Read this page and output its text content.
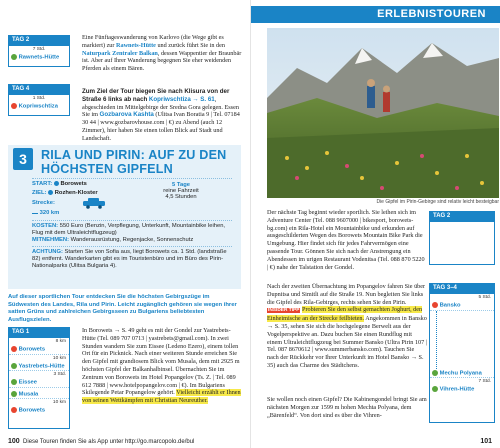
TAG 2
7 Std.
Rawnets-Hütte
TAG 4
1 Std.
Kopriwschtiza
Eine Fünftageswanderung von Karlovo (die Wege gibt es markiert) zur Rawnets-Hütte und zurück führt Sie in den Naturpark Zentraler Balkan, dessen Wappentier der Braunbär ist. Aber auf Ihrer Wanderung begegnen Sie eher weidenden Pferden als einem Bären.
Zum Ziel der Tour biegen Sie nach Klisura von der Straße 6 links ab nach Kopriwschtiza → S. 61, abgeschieden im Mittelgebirge der Sredna Gora gelegen. Essen Sie im Gozbarova Kashta (Ulitsa Ivan Boratia 9 | Tel. 07184 30 44 | www.gozbarovhouse.com | €) zu Abend (auch 12 Zimmer), hier haben Sie einen tollen Blick auf Stadt und Landschaft.
3	RILA UND PIRIN: AUF ZU DEN
HÖCHSTEN GIPFELN
START: Borowets
ZIEL: Rozhen-Kloster
Strecke:
320 km
5 Tage
reine Fahrzeit
4,5 Stunden
KOSTEN: 550 Euro (Benzin, Verpflegung, Unterkunft, Mountainbike leihen, Flug mit dem Ultraleichtflugzeug)
MITNEHMEN: Wanderausrüstung, Regenjacke, Sonnenschutz
ACHTUNG: Starten Sie von Sofia aus, liegt Borowets ca. 1 Std. (landstraße 82) entfernt. Wanderkarten gibt es im Touristenbüro und im Büro des Pirin-Nationalparks (Ulitsa Bulgaria 4).
Auf dieser sportlichen Tour entdecken Sie die höchsten Gebirgszüge im Südwesten des Landes, Rila und Pirin. Leicht zugänglich gehören sie wegen ihrer satten Grüns und zahlreichen Gebirgsseen zu Bulgariens beliebtesten Ausflugszielen.
TAG 1
8 km
Borowets
10 km
Yastrebets-Hütte
3 Std.
Eissee
Musala
10 km
Borowets
In Borowets → S. 49 geht es mit der Gondel zur Yastrebets-Hütte (Tel. 089 707 0713 | yastrebets@gmail.com). In zwei Stunden wandern Sie zum Eissee (Ledeno Ezero), einem tollen Ort für ein Picknick. Nach einer weiteren Stunde erreichen Sie den Gipfel mit grandiosem Blick vom Musala, dem mit 2925 m höchsten Gipfel der Balkanhalbinsel. Übernachten Sie im Zentrum von Borowets im Hotel Popangelov (Ts. Z. | Tel. 089 612 7888 | www.hotelpopangelov.com | €). Im Bulgariens Skilegende Petar Popangelow gehört. Vielleicht erzählt er Ihnen von seinen Wettkämpfen mit Christian Neureuther.
100 Diese Touren finden Sie als App unter http://go.marcopolo.de/bul
ERLEBNISTOUREN
Die Gipfel im Pirin-Gebirge sind relativ leicht besteigbar
Der nächste Tag beginnt wieder sportlich. Sie leihen sich im Adventure Center (Tel. 088 9607000 | bikesport, borowets-bg.com) ein Rila-Hotel ein Mountainbike und erkunden auf ausgeschilderten Wegen des Borowets Mountain Bike Park die Umgebung. Hier findet sich für jedes Fahrvermögen eine passende Tour. Gönnen Sie sich nach der Anstrengung ein Abendessen im urigen Restaurant Vodenitsa (Tel. 088 870 5220 | €) nahe der Talstation der Gondel.
Nach der zweiten Übernachtung im Popangelov fahren Sie über Dupnitsa und Simitli auf die Straße 19. Nun begleiten Sie links die Gipfel des Rila-Gebirges, rechts sehen Sie den Pirin. INSIDER TIPP Probieren Sie den selbst gemachten Joghurt, den Einheimische an der Strecke feilbieten. Angekommen in Bansko → S. 35, sehen Sie sich die hochgelegene Berwelt aus der Vogelperspektive an. Dazu buchen Sie einen Rundflug mit einem Ultraleichtflugzeug bei Summer Bansko (Ultra Pirin 107 | Tel. 087 8670612 | www.summerbansko.com). Tauchen Sie nach der Rückkehr vor Ihrer Unterkunft im Hotel Bansko → S. 35) auch das Charme des Städtchens.
Sie wollen noch einen Gipfel? Die Kabinengondel bringt Sie am nächsten Morgen zur 1599 m hohen Mechta Polyana, dem „Bärenfeld“. Von dort sind es über die Vihren-
TAG 2
TAG 3–4
5 Std.
Bansko
Mechu Polyana
7 Std.
Vihren-Hütte
101
